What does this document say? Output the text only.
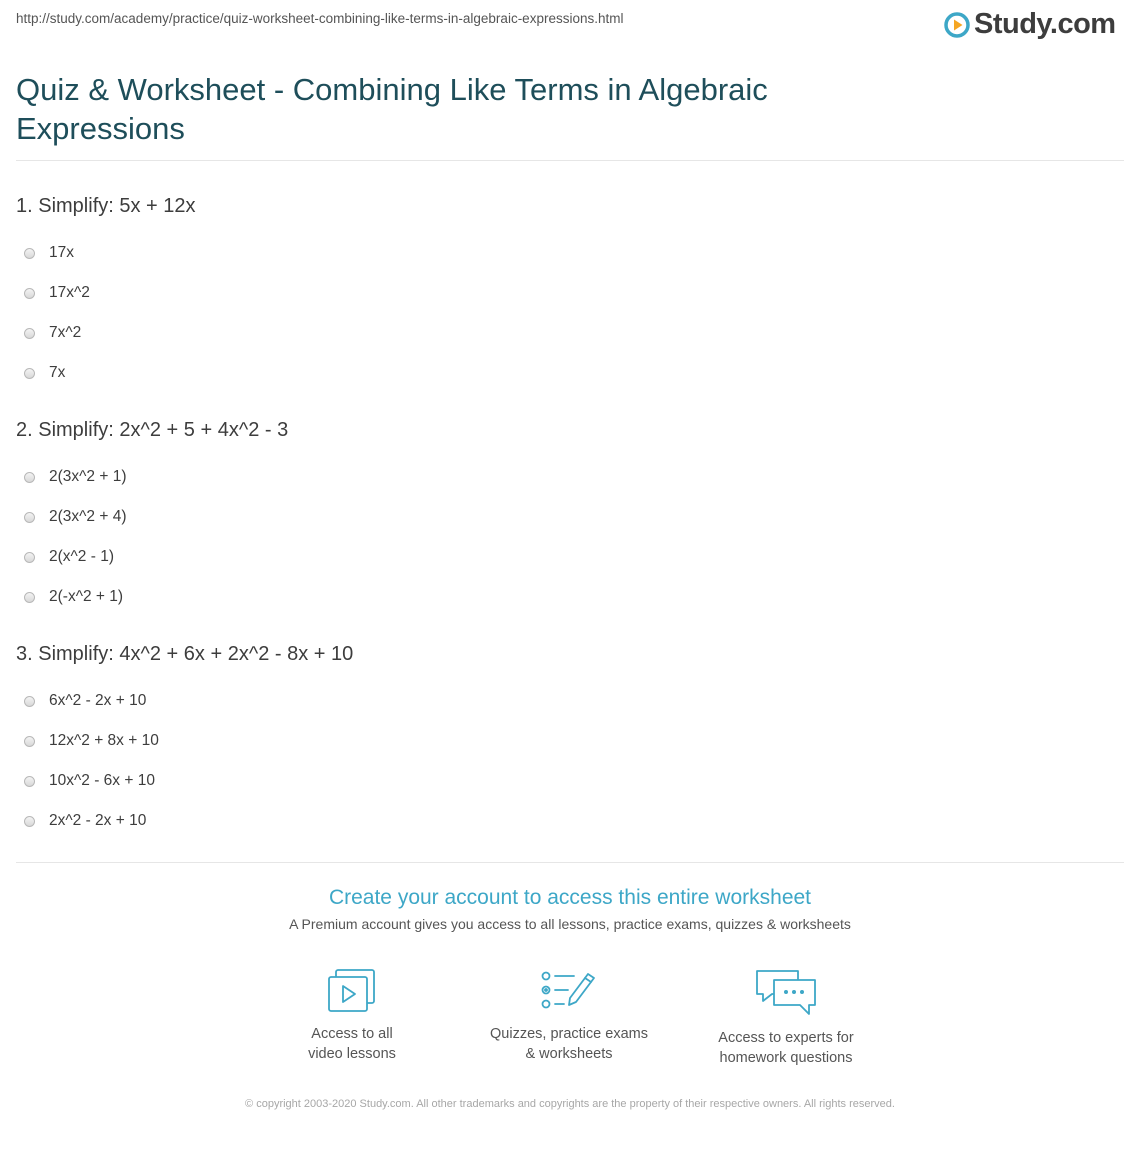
http://study.com/academy/practice/quiz-worksheet-combining-like-terms-in-algebraic-expressions.html	Study.com
Quiz & Worksheet - Combining Like Terms in Algebraic Expressions

1. Simplify: 5x + 12x

17x
17x^2
7x^2
7x

2. Simplify: 2x^2 + 5 + 4x^2 - 3

2(3x^2 + 1)
2(3x^2 + 4)
2(x^2 - 1)
2(-x^2 + 1)

3. Simplify: 4x^2 + 6x + 2x^2 - 8x + 10

6x^2 - 2x + 10
12x^2 + 8x + 10
10x^2 - 6x + 10
2x^2 - 2x + 10
Create your account to access this entire worksheet
A Premium account gives you access to all lessons, practice exams, quizzes & worksheets
Access to all
video lessons
Quizzes, practice exams
& worksheets
Access to experts for
homework questions
© copyright 2003-2020 Study.com. All other trademarks and copyrights are the property of their respective owners. All rights reserved.
